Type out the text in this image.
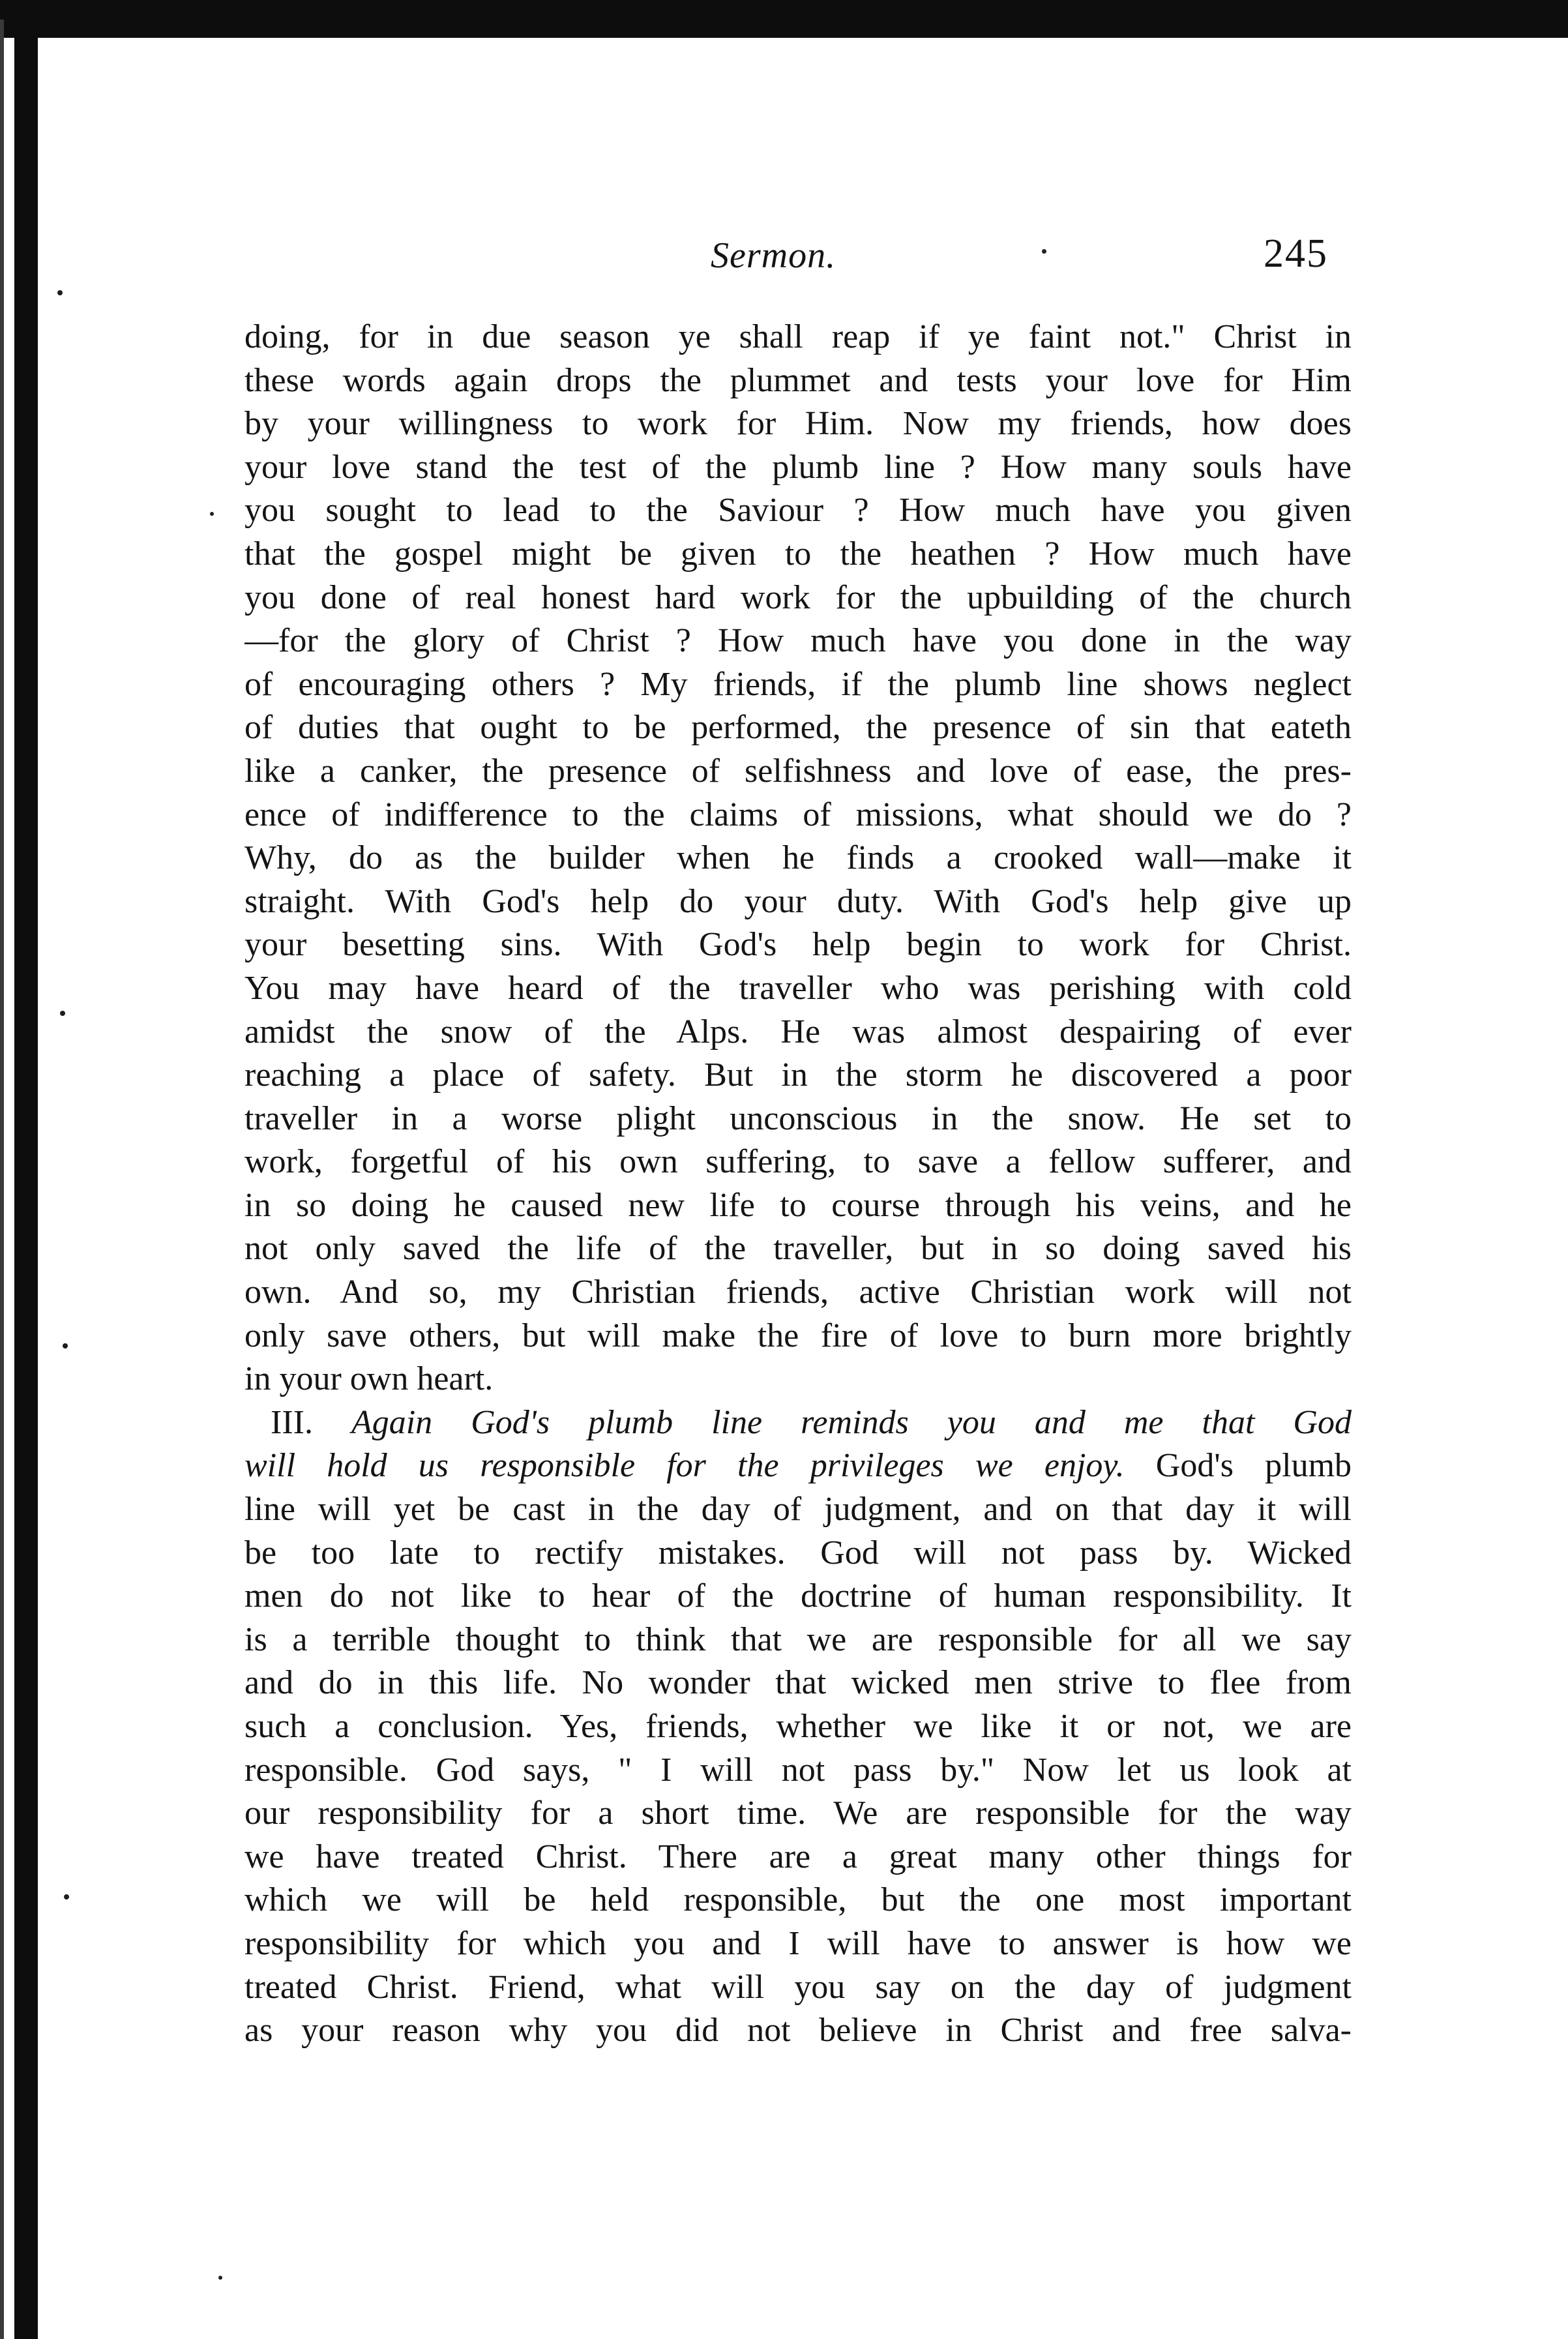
Sermon.	245
doing, for in due season ye shall reap if ye faint not." Christ in
these words again drops the plummet and tests your love for Him
by your willingness to work for Him. Now my friends, how does
your love stand the test of the plumb line ? How many souls have
you sought to lead to the Saviour ? How much have you given
that the gospel might be given to the heathen ? How much have
you done of real honest hard work for the upbuilding of the church
—for the glory of Christ ? How much have you done in the way
of encouraging others ? My friends, if the plumb line shows neglect
of duties that ought to be performed, the presence of sin that eateth
like a canker, the presence of selfishness and love of ease, the pres-
ence of indifference to the claims of missions, what should we do ?
Why, do as the builder when he finds a crooked wall—make it
straight. With God's help do your duty. With God's help give up
your besetting sins. With God's help begin to work for Christ.
You may have heard of the traveller who was perishing with cold
amidst the snow of the Alps. He was almost despairing of ever
reaching a place of safety. But in the storm he discovered a poor
traveller in a worse plight unconscious in the snow. He set to
work, forgetful of his own suffering, to save a fellow sufferer, and
in so doing he caused new life to course through his veins, and he
not only saved the life of the traveller, but in so doing saved his
own. And so, my Christian friends, active Christian work will not
only save others, but will make the fire of love to burn more brightly
in your own heart.
III. Again God's plumb line reminds you and me that God
will hold us responsible for the privileges we enjoy. God's plumb
line will yet be cast in the day of judgment, and on that day it will
be too late to rectify mistakes. God will not pass by. Wicked
men do not like to hear of the doctrine of human responsibility. It
is a terrible thought to think that we are responsible for all we say
and do in this life. No wonder that wicked men strive to flee from
such a conclusion. Yes, friends, whether we like it or not, we are
responsible. God says, " I will not pass by." Now let us look at
our responsibility for a short time. We are responsible for the way
we have treated Christ. There are a great many other things for
which we will be held responsible, but the one most important
responsibility for which you and I will have to answer is how we
treated Christ. Friend, what will you say on the day of judgment
as your reason why you did not believe in Christ and free salva-
